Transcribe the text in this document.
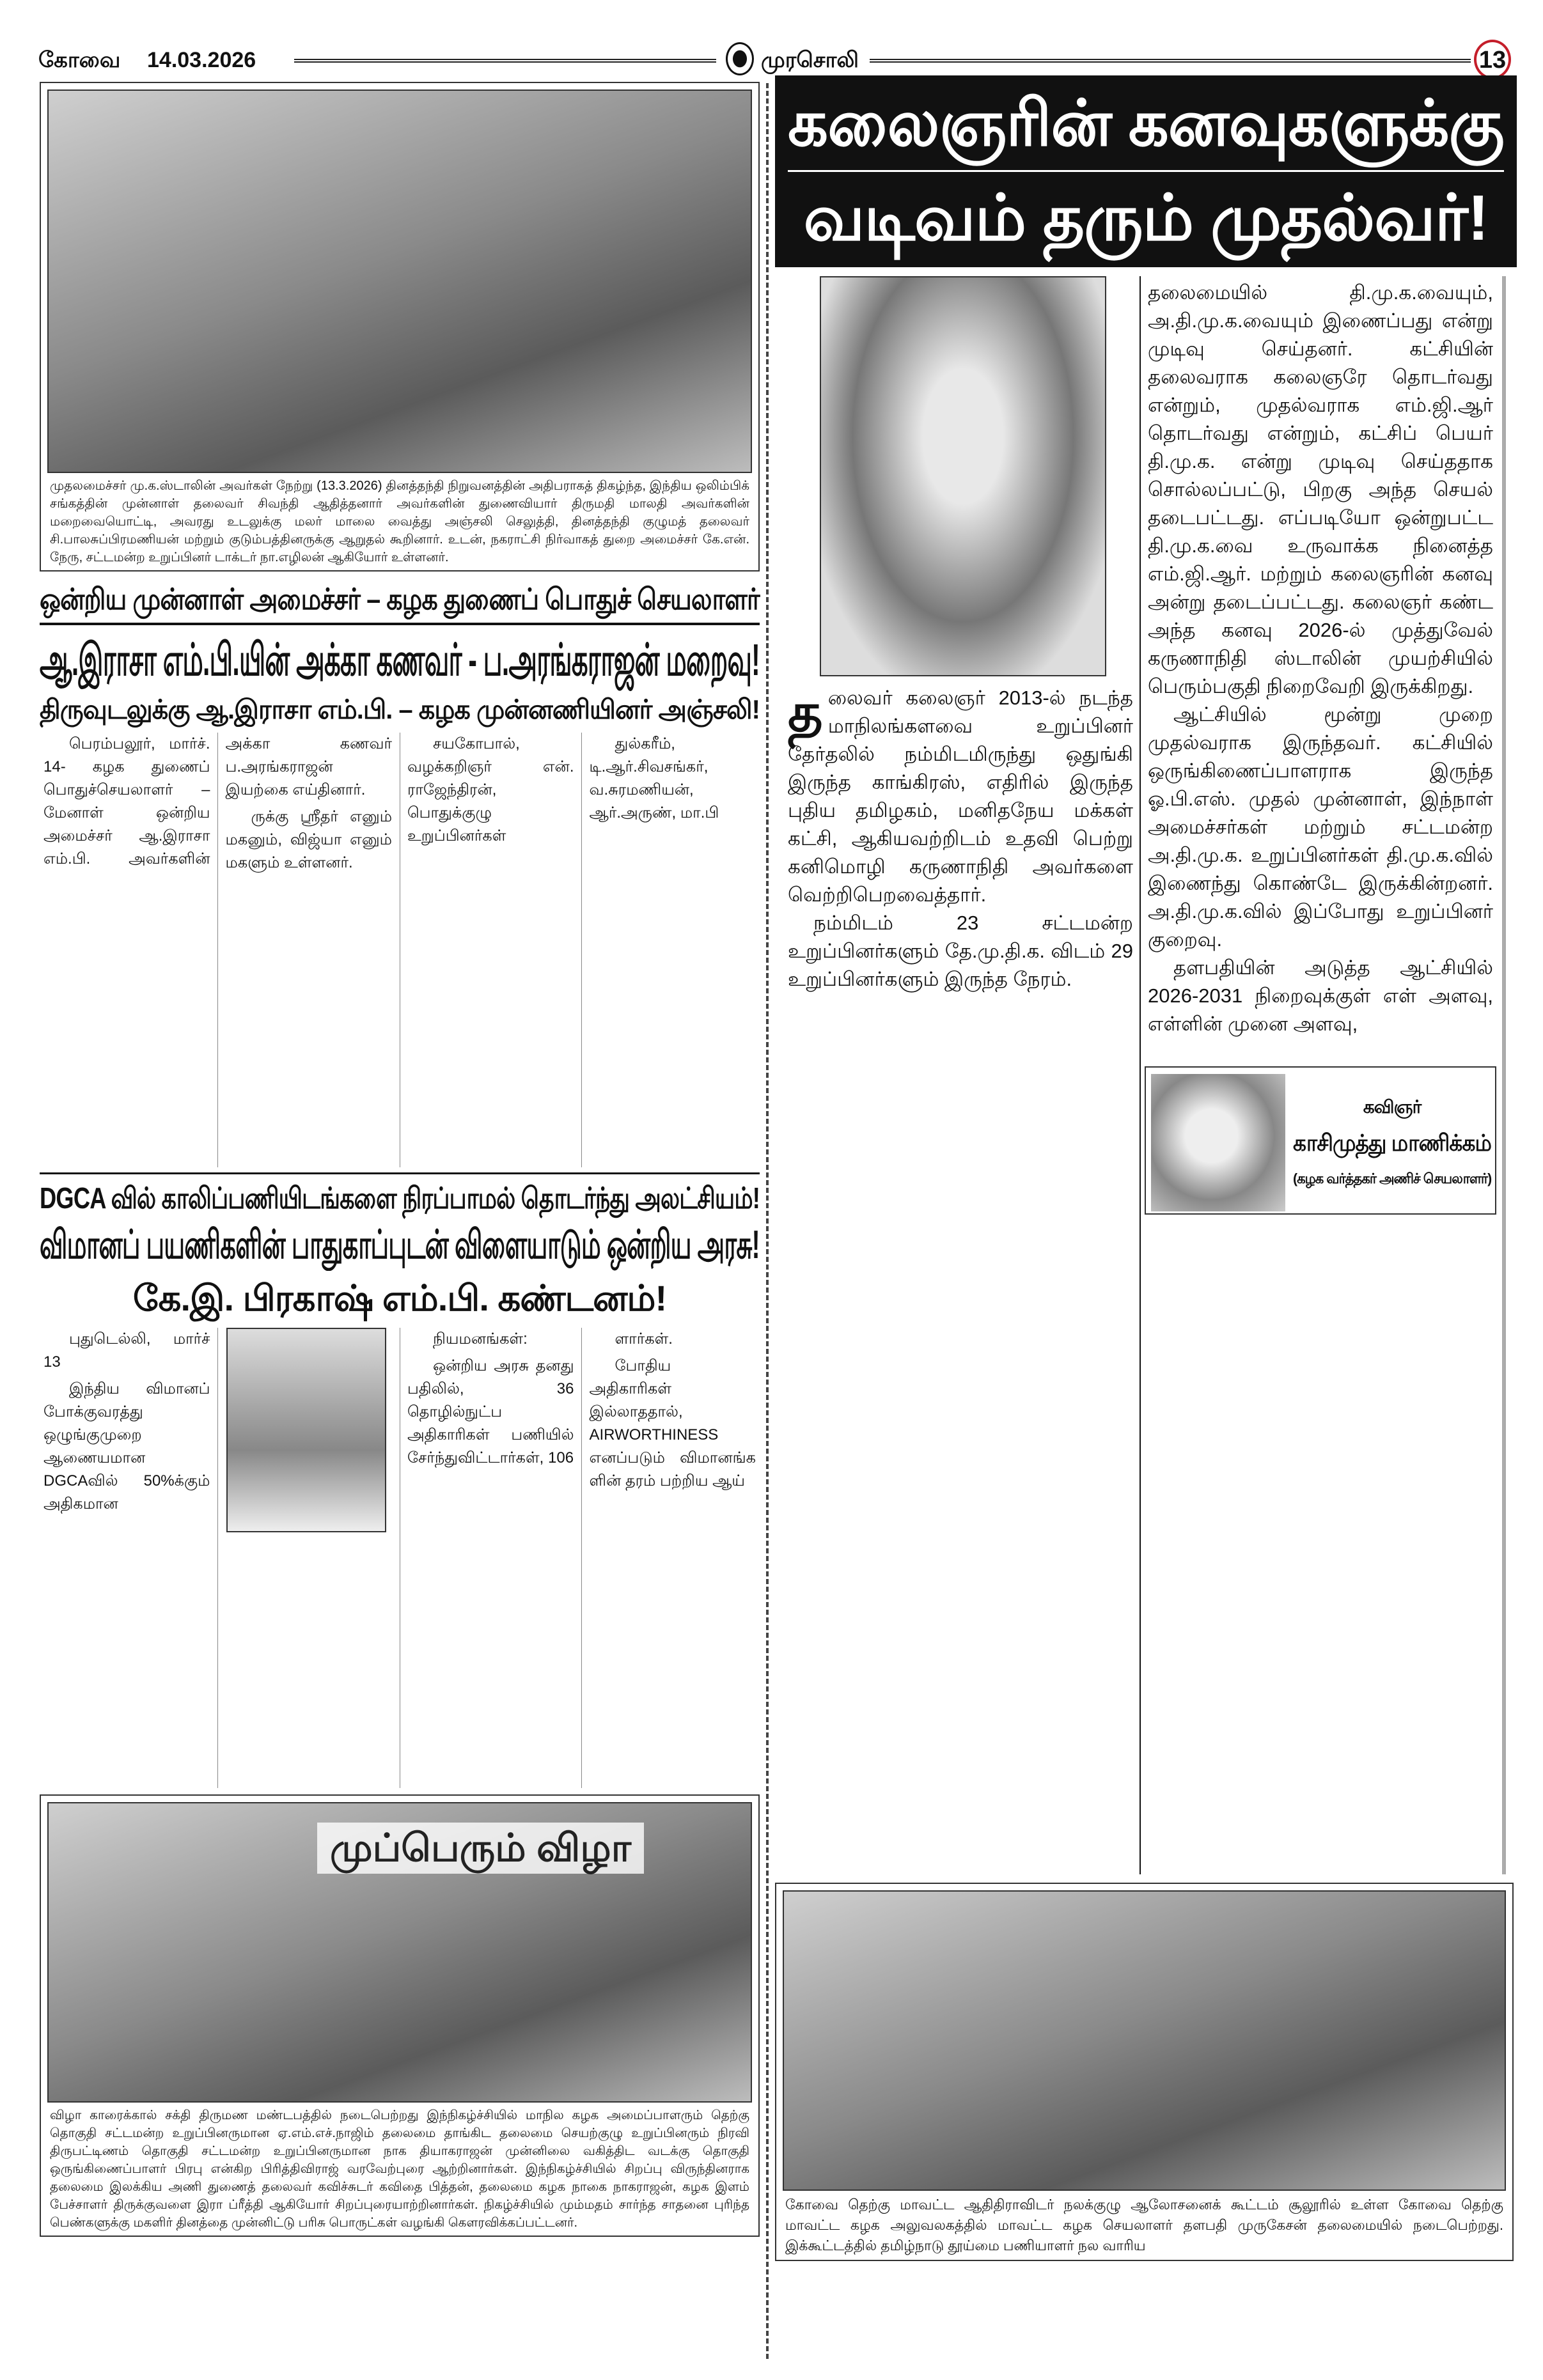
கோவை 14.03.2026	முரசொலி	13
முதலமைச்சர் மு.க.ஸ்டாலின் அவர்கள் நேற்று (13.3.2026) தினத்தந்தி நிறுவனத்தின் அதிபராகத் திகழ்ந்த, இந்திய ஒலிம்பிக் சங்கத்தின் முன்னாள் தலைவர் சிவந்தி ஆதித்தனார் அவர்களின் துணைவியார் திருமதி மாலதி அவர்களின் மறைவையொட்டி, அவரது உடலுக்கு மலர் மாலை வைத்து அஞ்சலி செலுத்தி, தினத்தந்தி குழுமத் தலைவர் சி.பாலசுப்பிரமணியன் மற்றும் குடும்பத்தினருக்கு ஆறுதல் கூறினார். உடன், நகராட்சி நிர்வாகத் துறை அமைச்சர் கே.என். நேரு, சட்டமன்ற உறுப்பினர் டாக்டர் நா.எழிலன் ஆகியோர் உள்ளனர்.
ஒன்றிய முன்னாள் அமைச்சர் – கழக துணைப் பொதுச் செயலாளர்
ஆ.இராசா எம்.பி.யின் அக்கா கணவர் - ப.அரங்கராஜன் மறைவு!
திருவுடலுக்கு ஆ.இராசா எம்.பி. – கழக முன்னணியினர் அஞ்சலி!

பெரம்பலூர், மார்ச். 14- கழக துணைப் பொதுச்செயலாளர் – மேனாள் ஒன்றிய அமைச்சர் ஆ.இராசா எம்.பி. அவர்களின் அக்கா கணவர் ப.அரங்கராஜன் இயற்கை எய்தினார்.

ருக்கு ஸ்ரீதர் எனும் மகனும், விஜ்யா எனும் மகளும் உள்ளனர்.

சயகோபால், வழக்கறிஞர் என். ராஜேந்திரன், பொதுக்குழு உறுப்பினர்கள்

துல்கரீம், டி.ஆர்.சிவசங்கர், வ.சுரமணியன், ஆர்.அருண், மா.பி

DGCA வில் காலிப்பணியிடங்களை நிரப்பாமல் தொடர்ந்து அலட்சியம்!
விமானப் பயணிகளின் பாதுகாப்புடன் விளையாடும் ஒன்றிய அரசு!
கே.இ. பிரகாஷ் எம்.பி. கண்டனம்!

புதுடெல்லி, மார்ச் 13

இந்திய விமானப் போக்குவரத்து ஒழுங்குமுறை ஆணையமான DGCAவில் 50%க்கும் அதிகமான

நியமனங்கள்:

ஒன்றிய அரசு தனது பதிலில், 36 தொழில்நுட்ப அதிகாரிகள் பணியில் சேர்ந்துவிட்டார்கள், 106

ளார்கள்.

போதிய அதிகாரிகள் இல்லாததால், AIRWORTHINESS எனப்படும் விமானங்க ளின் தரம் பற்றிய ஆய்

முப்பெரும் விழா
விழா காரைக்கால் சக்தி திருமண மண்டபத்தில் நடைபெற்றது இந்நிகழ்ச்சியில் மாநில கழக அமைப்பாளரும் தெற்கு தொகுதி சட்டமன்ற உறுப்பினருமான ஏ.எம்.எச்.நாஜிம் தலைமை தாங்கிட தலைமை செயற்குழு உறுப்பினரும் நிரவி திருபட்டிணம் தொகுதி சட்டமன்ற உறுப்பினருமான நாக தியாகராஜன் முன்னிலை வகித்திட வடக்கு தொகுதி ஒருங்கிணைப்பாளர் பிரபு என்கிற பிரித்திவிராஜ் வரவேற்புரை ஆற்றினார்கள். இந்நிகழ்ச்சியில் சிறப்பு விருந்தினராக தலைமை இலக்கிய அணி துணைத் தலைவர் கவிச்சுடர் கவிதை பித்தன், தலைமை கழக நாகை நாகராஜன், கழக இளம் பேச்சாளர் திருக்குவளை இரா ப்ரீத்தி ஆகியோர் சிறப்புரையாற்றினார்கள். நிகழ்ச்சியில் மும்மதம் சார்ந்த சாதனை புரிந்த பெண்களுக்கு மகளிர் தினத்தை முன்னிட்டு பரிசு பொருட்கள் வழங்கி கௌரவிக்கப்பட்டனர்.
கலைஞரின் கனவுகளுக்கு
வடிவம் தரும் முதல்வர்!
த லைவர் கலைஞர் 2013-ல் நடந்த மாநிலங்களவை உறுப்பினர் தேர்தலில் நம்மிடமிருந்து ஒதுங்கி இருந்த காங்கிரஸ், எதிரில் இருந்த புதிய தமிழகம், மனிதநேய மக்கள் கட்சி, ஆகியவற்றிடம் உதவி பெற்று கனிமொழி கருணாநிதி அவர்களை வெற்றிபெறவைத்தார்.

நம்மிடம் 23 சட்டமன்ற உறுப்பினர்களும் தே.மு.தி.க. விடம் 29 உறுப்பினர்களும் இருந்த நேரம்.

தலைமையில் தி.மு.க.வையும், அ.தி.மு.க.வையும் இணைப்பது என்று முடிவு செய்தனர். கட்சியின் தலைவராக கலைஞரே தொடர்வது என்றும், முதல்வராக எம்.ஜி.ஆர் தொடர்வது என்றும், கட்சிப் பெயர் தி.மு.க. என்று முடிவு செய்ததாக சொல்லப்பட்டு, பிறகு அந்த செயல் தடைபட்டது. எப்படியோ ஒன்றுபட்ட தி.மு.க.வை உருவாக்க நினைத்த எம்.ஜி.ஆர். மற்றும் கலைஞரின் கனவு அன்று தடைப்பட்டது. கலைஞர் கண்ட அந்த கனவு 2026-ல் முத்துவேல் கருணாநிதி ஸ்டாலின் முயற்சியில் பெரும்பகுதி நிறைவேறி இருக்கிறது.

ஆட்சியில் மூன்று முறை முதல்வராக இருந்தவர். கட்சியில் ஒருங்கிணைப்பாளராக இருந்த ஓ.பி.எஸ். முதல் முன்னாள், இந்நாள் அமைச்சர்கள் மற்றும் சட்டமன்ற அ.தி.மு.க. உறுப்பினர்கள் தி.மு.க.வில் இணைந்து கொண்டே இருக்கின்றனர். அ.தி.மு.க.வில் இப்போது உறுப்பினர் குறைவு.

தளபதியின் அடுத்த ஆட்சியில் 2026-2031 நிறைவுக்குள் எள் அளவு, எள்ளின் முனை அளவு,

கவிஞர்
காசிமுத்து மாணிக்கம்
(கழக வர்த்தகர் அணிச் செயலாளர்)
கோவை தெற்கு மாவட்ட ஆதிதிராவிடர் நலக்குழு ஆலோசனைக் கூட்டம் சூலூரில் உள்ள கோவை தெற்கு மாவட்ட கழக அலுவலகத்தில் மாவட்ட கழக செயலாளர் தளபதி முருகேசன் தலைமையில் நடைபெற்றது. இக்கூட்டத்தில் தமிழ்நாடு தூய்மை பணியாளர் நல வாரிய
